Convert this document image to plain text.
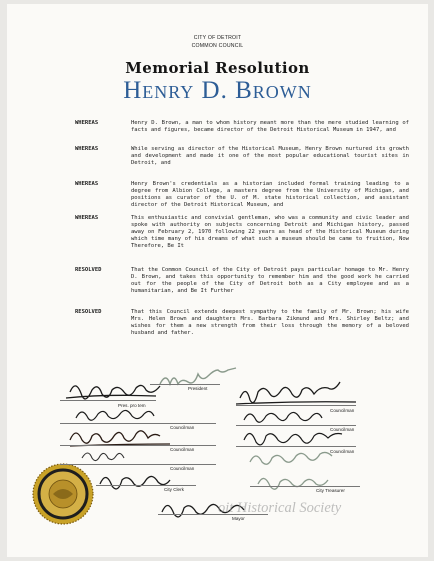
CITY OF DETROIT
COMMON COUNCIL
Memorial Resolution
Henry D. Brown
WHEREAS	Henry D. Brown, a man to whom history meant more than the mere studied learning of facts and figures, became director of the Detroit Historical Museum in 1947, and
WHEREAS	While serving as director of the Historical Museum, Henry Brown nurtured its growth and development and made it one of the most popular educational tourist sites in Detroit, and
WHEREAS	Henry Brown's credentials as a historian included formal training leading to a degree from Albion College, a masters degree from the University of Michigan, and positions as curator of the U. of M. state historical collection, and assistant director of the Detroit Historical Museum, and
WHEREAS	This enthusiastic and convivial gentleman, who was a community and civic leader and spoke with authority on subjects concerning Detroit and Michigan history, passed away on February 2, 1970 following 22 years as head of the Historical Museum during which time many of his dreams of what such a museum should be came to fruition, Now Therefore, Be It
RESOLVED	That the Common Council of the City of Detroit pays particular homage to Mr. Henry D. Brown, and takes this opportunity to remember him and the good work he carried out for the people of the City of Detroit both as a City employee and as a humanitarian, and Be It Further
RESOLVED	That this Council extends deepest sympathy to the family of Mr. Brown; his wife Mrs. Helen Brown and daughters Mrs. Barbara Zikmund and Mrs. Shirley Beltz; and wishes for them a new strength from their loss through the memory of a beloved husband and father.
President
Pres. pro tem
Councilman
Councilman	Councilman
Councilman	Councilman
Councilman
City Clerk	City Treasurer
Mayor
oit Historical Society
